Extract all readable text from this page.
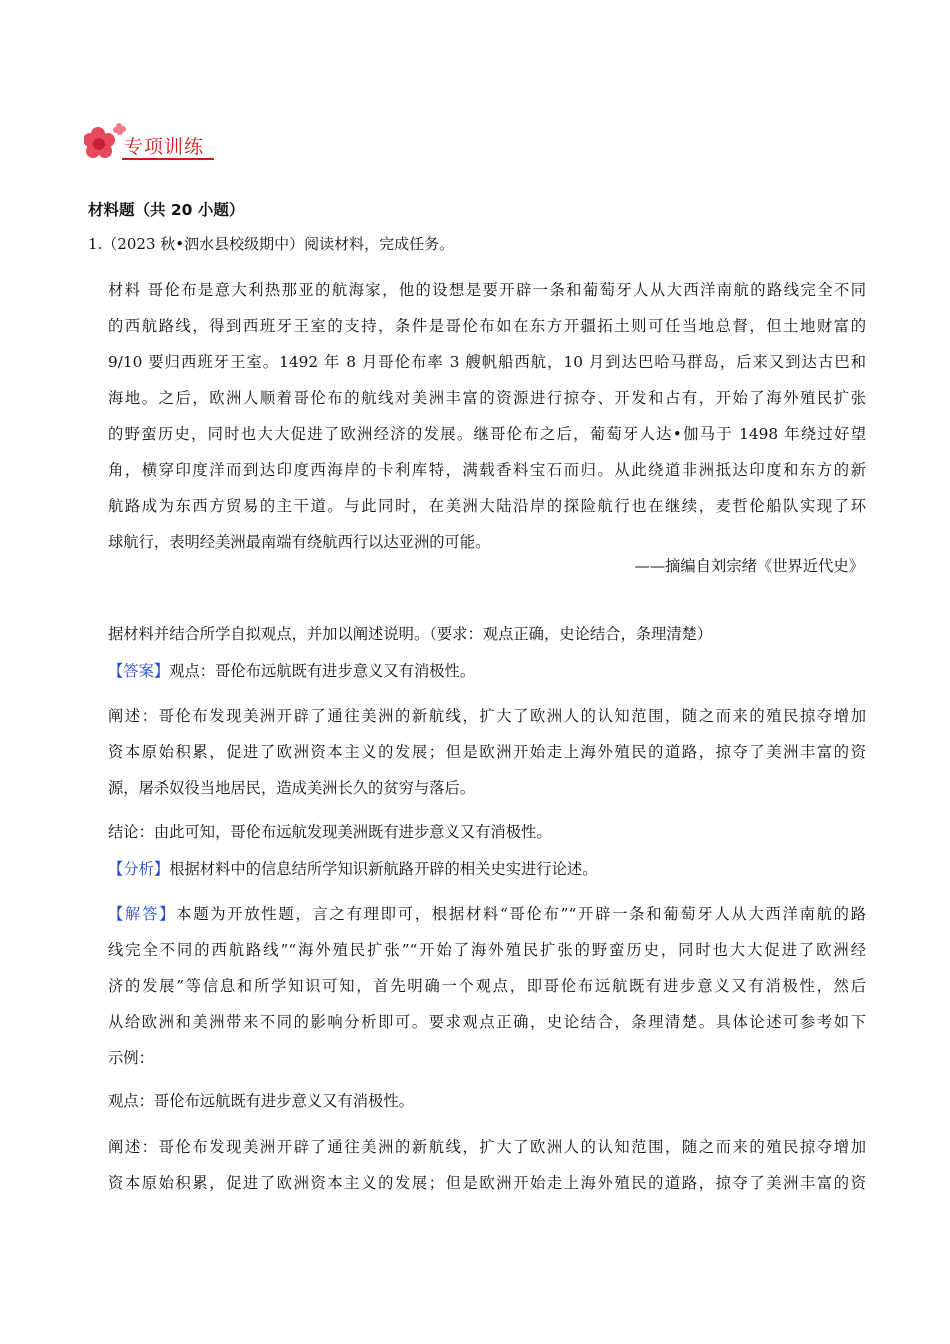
专项训练
材料题（共 20 小题）
1.（2023 秋•泗水县校级期中）阅读材料，完成任务。
材料 哥伦布是意大利热那亚的航海家，他的设想是要开辟一条和葡萄牙人从大西洋南航的路线完全不同
的西航路线，得到西班牙王室的支持，条件是哥伦布如在东方开疆拓土则可任当地总督，但土地财富的
9/10 要归西班牙王室。1492 年 8 月哥伦布率 3 艘帆船西航，10 月到达巴哈马群岛，后来又到达古巴和
海地。之后，欧洲人顺着哥伦布的航线对美洲丰富的资源进行掠夺、开发和占有，开始了海外殖民扩张
的野蛮历史，同时也大大促进了欧洲经济的发展。继哥伦布之后，葡萄牙人达•伽马于 1498 年绕过好望
角，横穿印度洋而到达印度西海岸的卡利库特，满载香料宝石而归。从此绕道非洲抵达印度和东方的新
航路成为东西方贸易的主干道。与此同时，在美洲大陆沿岸的探险航行也在继续，麦哲伦船队实现了环
球航行，表明经美洲最南端有绕航西行以达亚洲的可能。
——摘编自刘宗绪《世界近代史》
据材料并结合所学自拟观点，并加以阐述说明。（要求：观点正确，史论结合，条理清楚）
【答案】观点：哥伦布远航既有进步意义又有消极性。
阐述：哥伦布发现美洲开辟了通往美洲的新航线，扩大了欧洲人的认知范围，随之而来的殖民掠夺增加
资本原始积累，促进了欧洲资本主义的发展；但是欧洲开始走上海外殖民的道路，掠夺了美洲丰富的资
源，屠杀奴役当地居民，造成美洲长久的贫穷与落后。
结论：由此可知，哥伦布远航发现美洲既有进步意义又有消极性。
【分析】根据材料中的信息结所学知识新航路开辟的相关史实进行论述。
【解答】本题为开放性题，言之有理即可，根据材料“哥伦布”“开辟一条和葡萄牙人从大西洋南航的路
线完全不同的西航路线”“海外殖民扩张”“开始了海外殖民扩张的野蛮历史，同时也大大促进了欧洲经
济的发展”等信息和所学知识可知，首先明确一个观点，即哥伦布远航既有进步意义又有消极性，然后
从给欧洲和美洲带来不同的影响分析即可。要求观点正确，史论结合，条理清楚。具体论述可参考如下
示例：
观点：哥伦布远航既有进步意义又有消极性。
阐述：哥伦布发现美洲开辟了通往美洲的新航线，扩大了欧洲人的认知范围，随之而来的殖民掠夺增加
资本原始积累，促进了欧洲资本主义的发展；但是欧洲开始走上海外殖民的道路，掠夺了美洲丰富的资
